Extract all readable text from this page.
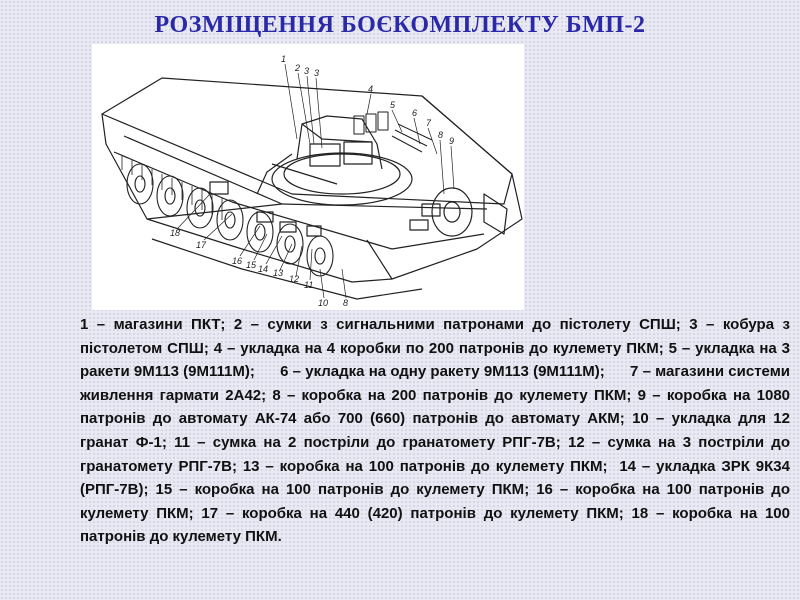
РОЗМІЩЕННЯ БОЄКОМПЛЕКТУ БМП-2
1
2 3 3
4
5
6
7
8
9
8
10
11
12
13
14
15
16
17
18

1 – магазини ПКТ; 2 – сумки з сигнальними патронами до пістолету СПШ; 3 – кобура з пістолетом СПШ; 4 – укладка на 4 коробки по 200 патронів до кулемету ПКМ; 5 – укладка на 3 ракети 9М113 (9М111М);      6 – укладка на одну ракету 9М113 (9М111М);      7 – магазини системи живлення гармати 2А42; 8 – коробка на 200 патронів до кулемету ПКМ; 9 – коробка на 1080 патронів до автомату АК-74 або 700 (660) патронів до автомату АКМ; 10 – укладка для 12 гранат Ф-1; 11 – сумка на 2 постріли до гранатомету РПГ-7В; 12 – сумка на 3 постріли до гранатомету РПГ-7В; 13 – коробка на 100 патронів до кулемету ПКМ;  14 – укладка ЗРК 9К34 (РПГ-7В); 15 – коробка на 100 патронів до кулемету ПКМ; 16 – коробка на 100 патронів до кулемету ПКМ; 17 – коробка на 440 (420) патронів до кулемету ПКМ; 18 – коробка на 100 патронів до кулемету ПКМ.
